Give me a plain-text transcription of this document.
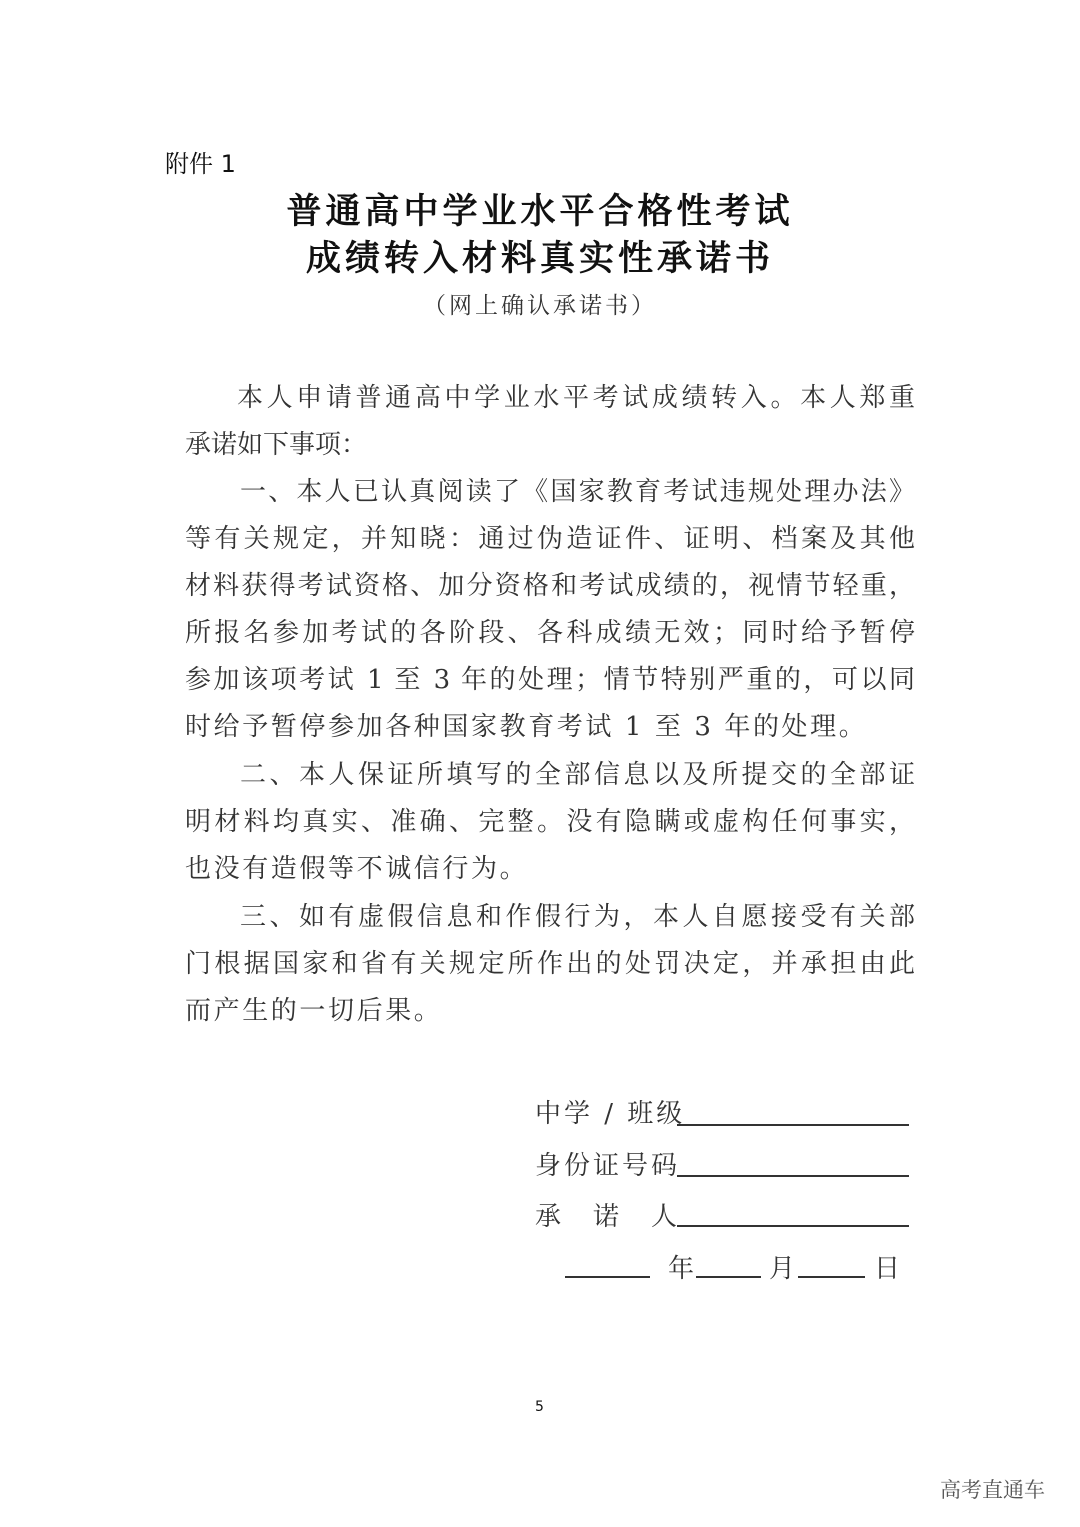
附件 1
普通高中学业水平合格性考试
成绩转入材料真实性承诺书
（网上确认承诺书）
本人申请普通高中学业水平考试成绩转入。本人郑重
承诺如下事项：
一、本人已认真阅读了《国家教育考试违规处理办法》
等有关规定，并知晓：通过伪造证件、证明、档案及其他
材料获得考试资格、加分资格和考试成绩的，视情节轻重，
所报名参加考试的各阶段、各科成绩无效；同时给予暂停
参加该项考试 1 至 3 年的处理；情节特别严重的，可以同
时给予暂停参加各种国家教育考试 1 至 3 年的处理。
二、本人保证所填写的全部信息以及所提交的全部证
明材料均真实、准确、完整。没有隐瞒或虚构任何事实，
也没有造假等不诚信行为。
三、如有虚假信息和作假行为，本人自愿接受有关部
门根据国家和省有关规定所作出的处罚决定，并承担由此
而产生的一切后果。
中学 / 班级
身份证号码
承　诺　人
年	月	日
5
高考直通车
